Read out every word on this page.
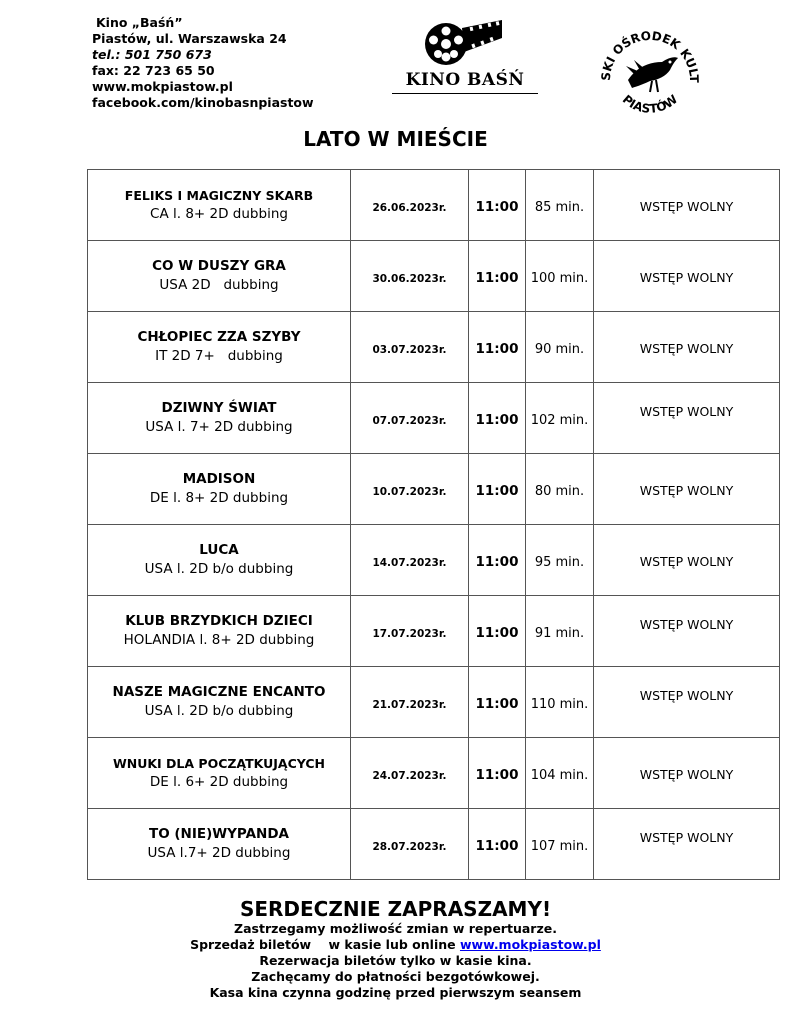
Kino „Baśń”
Piastów, ul. Warszawska 24
tel.: 501 750 673
fax: 22 723 65 50
www.mokpiastow.pl
facebook.com/kinobasnpiastow
KINO BAŚŃ	SKI OŚRODEK KULT
PIASTÓW
LATO W MIEŚCIE
FELIKS I MAGICZNY SKARB
CA l. 8+ 2D dubbing	26.06.2023r.	11:00	85 min.	WSTĘP WOLNY

CO W DUSZY GRA
USA 2D   dubbing	30.06.2023r.	11:00	100 min.	WSTĘP WOLNY

CHŁOPIEC ZZA SZYBY
IT 2D 7+   dubbing	03.07.2023r.	11:00	90 min.	WSTĘP WOLNY

DZIWNY ŚWIAT
USA l. 7+ 2D dubbing	07.07.2023r.	11:00	102 min.	WSTĘP WOLNY

MADISON
DE l. 8+ 2D dubbing	10.07.2023r.	11:00	80 min.	WSTĘP WOLNY

LUCA
USA l. 2D b/o dubbing	14.07.2023r.	11:00	95 min.	WSTĘP WOLNY

KLUB BRZYDKICH DZIECI
HOLANDIA l. 8+ 2D dubbing	17.07.2023r.	11:00	91 min.	WSTĘP WOLNY

NASZE MAGICZNE ENCANTO
USA l. 2D b/o dubbing	21.07.2023r.	11:00	110 min.	WSTĘP WOLNY

WNUKI DLA POCZĄTKUJĄCYCH
DE l. 6+ 2D dubbing	24.07.2023r.	11:00	104 min.	WSTĘP WOLNY

TO (NIE)WYPANDA
USA l.7+ 2D dubbing	28.07.2023r.	11:00	107 min.	WSTĘP WOLNY
SERDECZNIE ZAPRASZAMY!
Zastrzegamy możliwość zmian w repertuarze.
Sprzedaż biletów    w kasie lub online www.mokpiastow.pl
Rezerwacja biletów tylko w kasie kina.
Zachęcamy do płatności bezgotówkowej.
Kasa kina czynna godzinę przed pierwszym seansem
